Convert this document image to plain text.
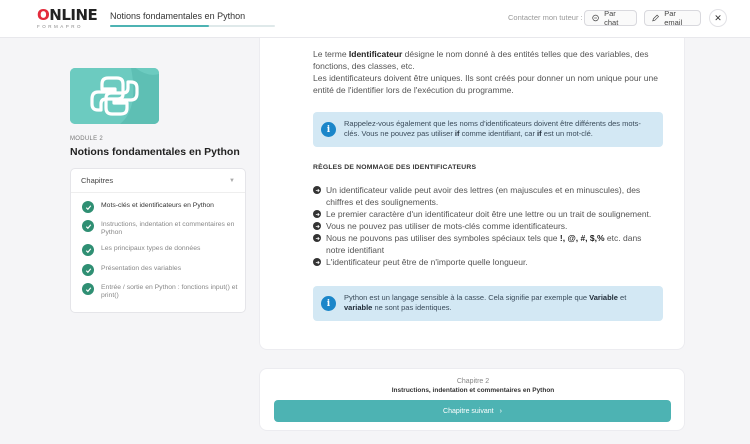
ONLINE
FORMAPRO
Notions fondamentales en Python	Contacter mon tuteur :	Par chat
Par email	✕
MODULE 2
Notions fondamentales en Python
Chapitres	▼
Mots-clés et identificateurs en Python
Instructions, indentation et commentaires en Python
Les principaux types de données
Présentation des variables
Entrée / sortie en Python : fonctions input() et print()
Le terme Identificateur désigne le nom donné à des entités telles que des variables, des fonctions, des classes, etc.
Les identificateurs doivent être uniques. Ils sont créés pour donner un nom unique pour une entité de l'identifier lors de l'exécution du programme.
i
Rappelez-vous également que les noms d'identificateurs doivent être différents des mots-clés. Vous ne pouvez pas utiliser if comme identifiant, car if est un mot-clé.
RÈGLES DE NOMMAGE DES IDENTIFICATEURS
Un identificateur valide peut avoir des lettres (en majuscules et en minuscules), des chiffres et des soulignements.
Le premier caractère d'un identificateur doit être une lettre ou un trait de soulignement.
Vous ne pouvez pas utiliser de mots-clés comme identificateurs.
Nous ne pouvons pas utiliser des symboles spéciaux tels que !, @, #, $,% etc. dans notre identifiant
L'identificateur peut être de n'importe quelle longueur.
i
Python est un langage sensible à la casse. Cela signifie par exemple que Variable et variable ne sont pas identiques.
Chapitre 2
Instructions, indentation et commentaires en Python
Chapitre suivant ›
